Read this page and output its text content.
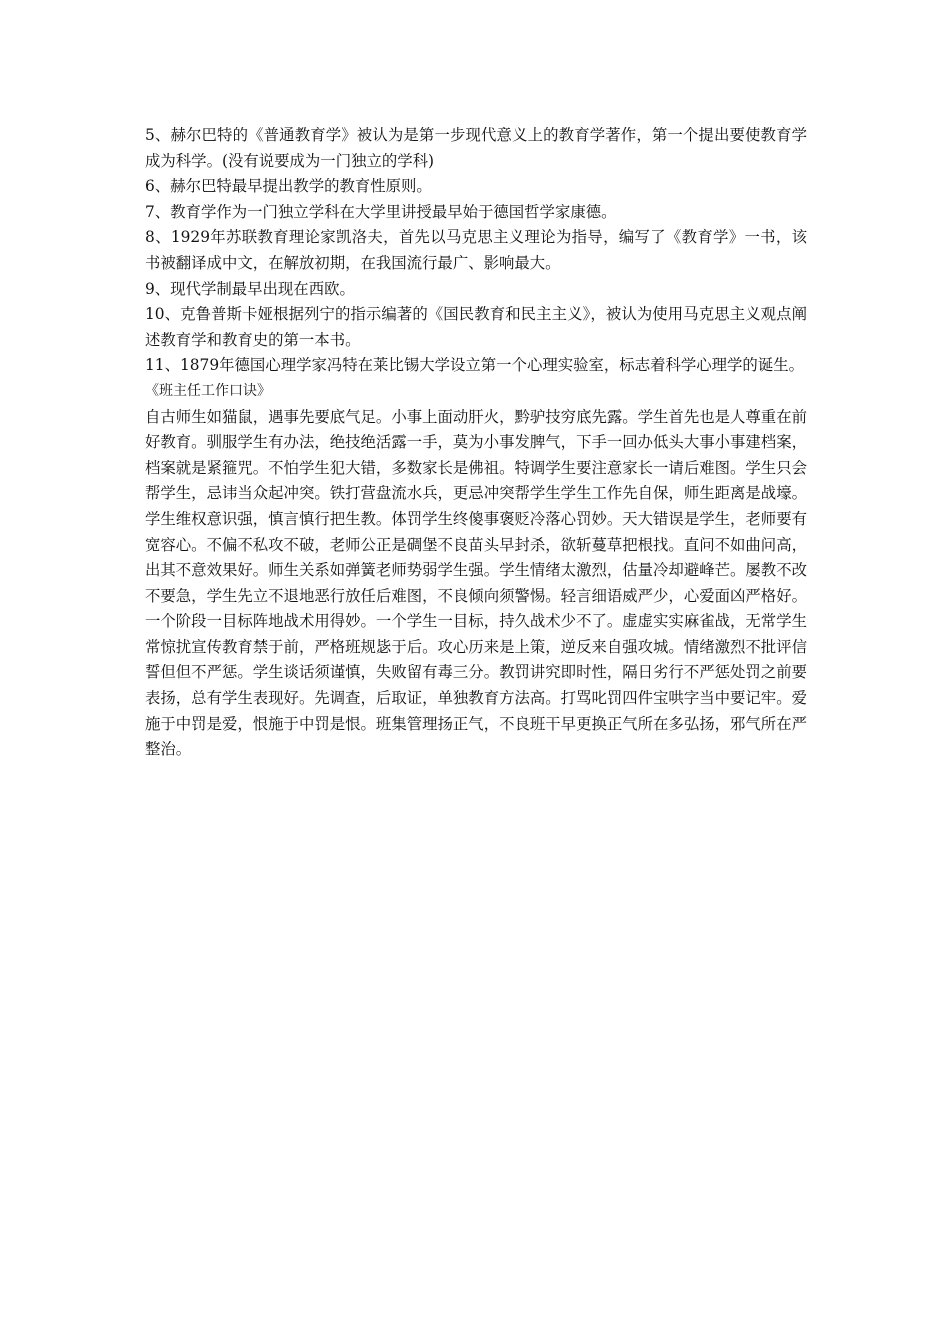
5、赫尔巴特的《普通教育学》被认为是第一步现代意义上的教育学著作，第一个提出要使教育学成为科学。(没有说要成为一门独立的学科)

6、赫尔巴特最早提出教学的教育性原则。

7、教育学作为一门独立学科在大学里讲授最早始于德国哲学家康德。

8、1929年苏联教育理论家凯洛夫，首先以马克思主义理论为指导，编写了《教育学》一书，该书被翻译成中文，在解放初期，在我国流行最广、影响最大。

9、现代学制最早出现在西欧。

10、克鲁普斯卡娅根据列宁的指示编著的《国民教育和民主主义》，被认为使用马克思主义观点阐述教育学和教育史的第一本书。

11、1879年德国心理学家冯特在莱比锡大学设立第一个心理实验室，标志着科学心理学的诞生。

《班主任工作口诀》

自古师生如猫鼠，遇事先要底气足。小事上面动肝火，黔驴技穷底先露。学生首先也是人尊重在前好教育。驯服学生有办法，绝技绝活露一手，莫为小事发脾气，下手一回办低头大事小事建档案，档案就是紧箍咒。不怕学生犯大错，多数家长是佛祖。特调学生要注意家长一请后难图。学生只会帮学生，忌讳当众起冲突。铁打营盘流水兵，更忌冲突帮学生学生工作先自保，师生距离是战壕。学生维权意识强，慎言慎行把生教。体罚学生终傻事褒贬冷落心罚妙。天大错误是学生，老师要有宽容心。不偏不私攻不破，老师公正是碉堡不良苗头早封杀，欲斩蔓草把根找。直问不如曲问高，出其不意效果好。师生关系如弹簧老师势弱学生强。学生情绪太激烈，估量冷却避峰芒。屡教不改不要急，学生先立不退地恶行放任后难图，不良倾向须警惕。轻言细语威严少，心爱面凶严格好。一个阶段一目标阵地战术用得妙。一个学生一目标，持久战术少不了。虚虚实实麻雀战，无常学生常惊扰宣传教育禁于前，严格班规毖于后。攻心历来是上策，逆反来自强攻城。情绪激烈不批评信誓但但不严惩。学生谈话须谨慎，失败留有毒三分。教罚讲究即时性，隔日劣行不严惩处罚之前要表扬，总有学生表现好。先调查，后取证，单独教育方法高。打骂叱罚四件宝哄字当中要记牢。爱施于中罚是爱，恨施于中罚是恨。班集管理扬正气，不良班干早更换正气所在多弘扬，邪气所在严整治。
